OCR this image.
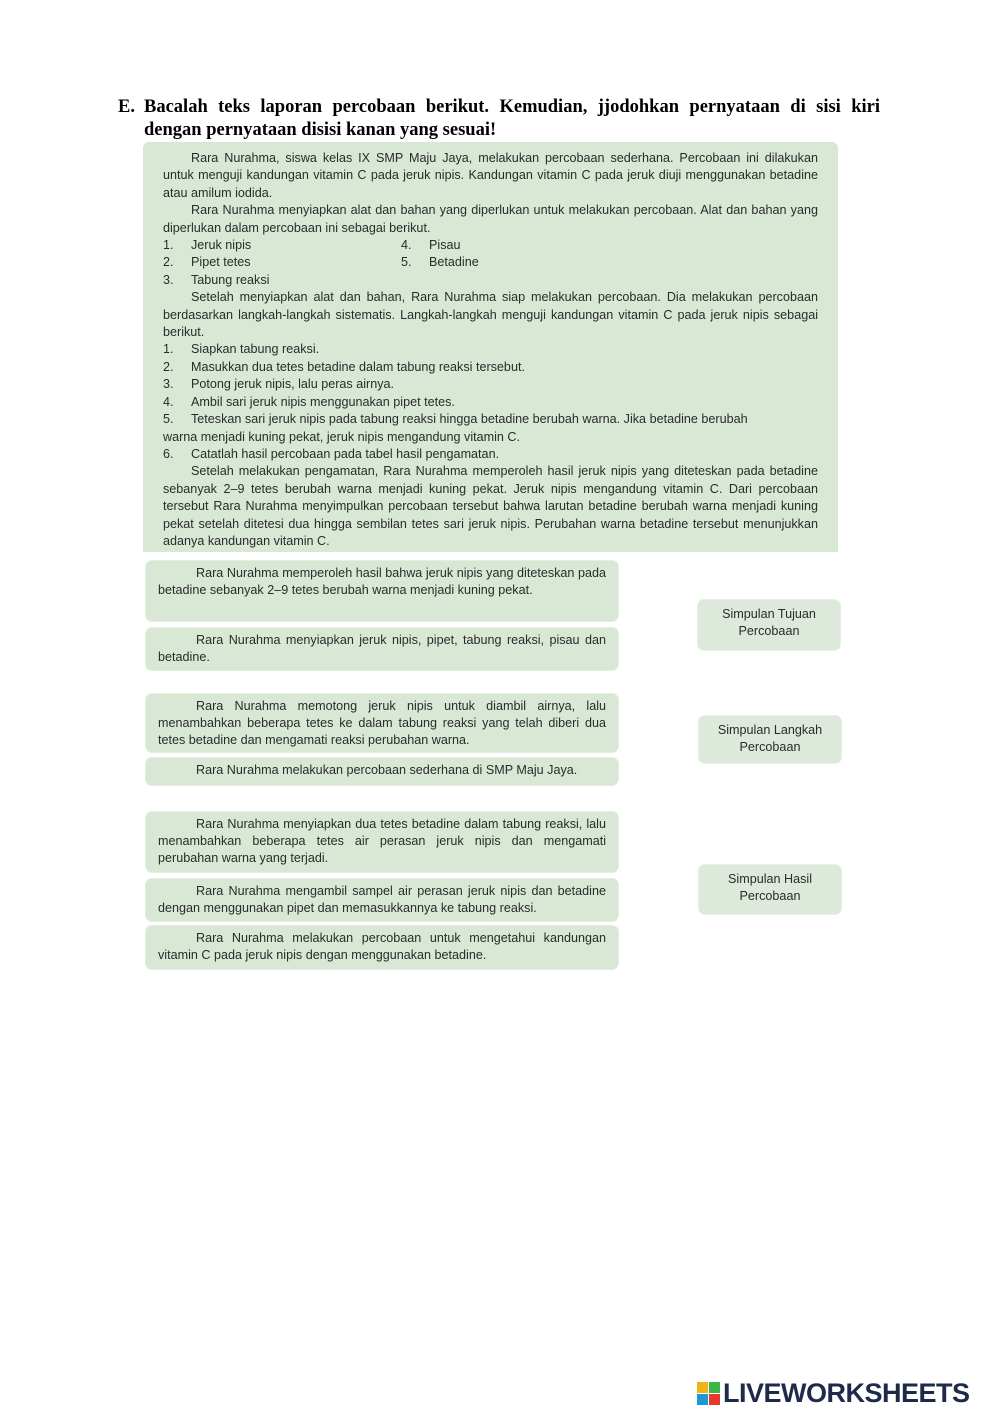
E. Bacalah teks laporan percobaan berikut. Kemudian, jjodohkan pernyataan di sisi kiri dengan pernyataan disisi kanan yang sesuai!

Rara Nurahma, siswa kelas IX SMP Maju Jaya, melakukan percobaan sederhana. Percobaan ini dilakukan untuk menguji kandungan vitamin C pada jeruk nipis. Kandungan vitamin C pada jeruk diuji menggunakan betadine atau amilum iodida.

Rara Nurahma menyiapkan alat dan bahan yang diperlukan untuk melakukan percobaan. Alat dan bahan yang diperlukan dalam percobaan ini sebagai berikut.

1.	Jeruk nipis	4.	Pisau
2.	Pipet tetes	5.	Betadine
3.	Tabung reaksi

Setelah menyiapkan alat dan bahan, Rara Nurahma siap melakukan percobaan. Dia melakukan percobaan berdasarkan langkah-langkah sistematis. Langkah-langkah menguji kandungan vitamin C pada jeruk nipis sebagai berikut.

1.	Siapkan tabung reaksi.
2.	Masukkan dua tetes betadine dalam tabung reaksi tersebut.
3.	Potong jeruk nipis, lalu peras airnya.
4.	Ambil sari jeruk nipis menggunakan pipet tetes.
5.	Teteskan sari jeruk nipis pada tabung reaksi hingga betadine berubah warna. Jika betadine berubah

warna menjadi kuning pekat, jeruk nipis mengandung vitamin C.

6.	Catatlah hasil percobaan pada tabel hasil pengamatan.

Setelah melakukan pengamatan, Rara Nurahma memperoleh hasil jeruk nipis yang diteteskan pada betadine sebanyak 2–9 tetes berubah warna menjadi kuning pekat. Jeruk nipis mengandung vitamin C. Dari percobaan tersebut Rara Nurahma menyimpulkan percobaan tersebut bahwa larutan betadine berubah warna menjadi kuning pekat setelah ditetesi dua hingga sembilan tetes sari jeruk nipis. Perubahan warna betadine tersebut menunjukkan adanya kandungan vitamin C.

Rara Nurahma memperoleh hasil bahwa jeruk nipis yang diteteskan pada betadine sebanyak 2–9 tetes berubah warna menjadi kuning pekat.
Rara Nurahma menyiapkan jeruk nipis, pipet, tabung reaksi, pisau dan betadine.
Rara Nurahma memotong jeruk nipis untuk diambil airnya, lalu menambahkan beberapa tetes ke dalam tabung reaksi yang telah diberi dua tetes betadine dan mengamati reaksi perubahan warna.
Rara Nurahma melakukan percobaan sederhana di SMP Maju Jaya.
Rara Nurahma menyiapkan dua tetes betadine dalam tabung reaksi, lalu menambahkan beberapa tetes air perasan jeruk nipis dan mengamati perubahan warna yang terjadi.
Rara Nurahma mengambil sampel air perasan jeruk nipis dan betadine dengan menggunakan pipet dan memasukkannya ke tabung reaksi.
Rara Nurahma melakukan percobaan untuk mengetahui kandungan vitamin C pada jeruk nipis dengan menggunakan betadine.
Simpulan Tujuan Percobaan
Simpulan Langkah Percobaan
Simpulan Hasil Percobaan
LIVEWORKSHEETS
